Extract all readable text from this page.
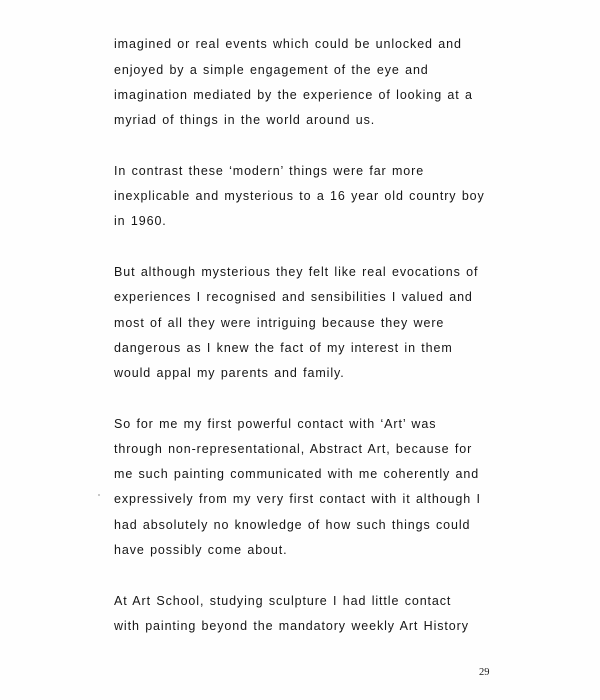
imagined or real events which could be unlocked and
enjoyed by a simple engagement of the eye and
imagination mediated by the experience of looking at a
myriad of things in the world around us.
In contrast these ‘modern’ things were far more
inexplicable and mysterious to a 16 year old country boy
in 1960.
But although mysterious they felt like real evocations of
experiences I recognised and sensibilities I valued and
most of all they were intriguing because they were
dangerous as I knew the fact of my interest in them
would appal my parents and family.
So for me my first powerful contact with ‘Art’ was
through non-representational, Abstract Art, because for
me such painting communicated with me coherently and
expressively from my very first contact with it although I
had absolutely no knowledge of how such things could
have possibly come about.
At Art School, studying sculpture I had little contact
with painting beyond the mandatory weekly Art History
29
